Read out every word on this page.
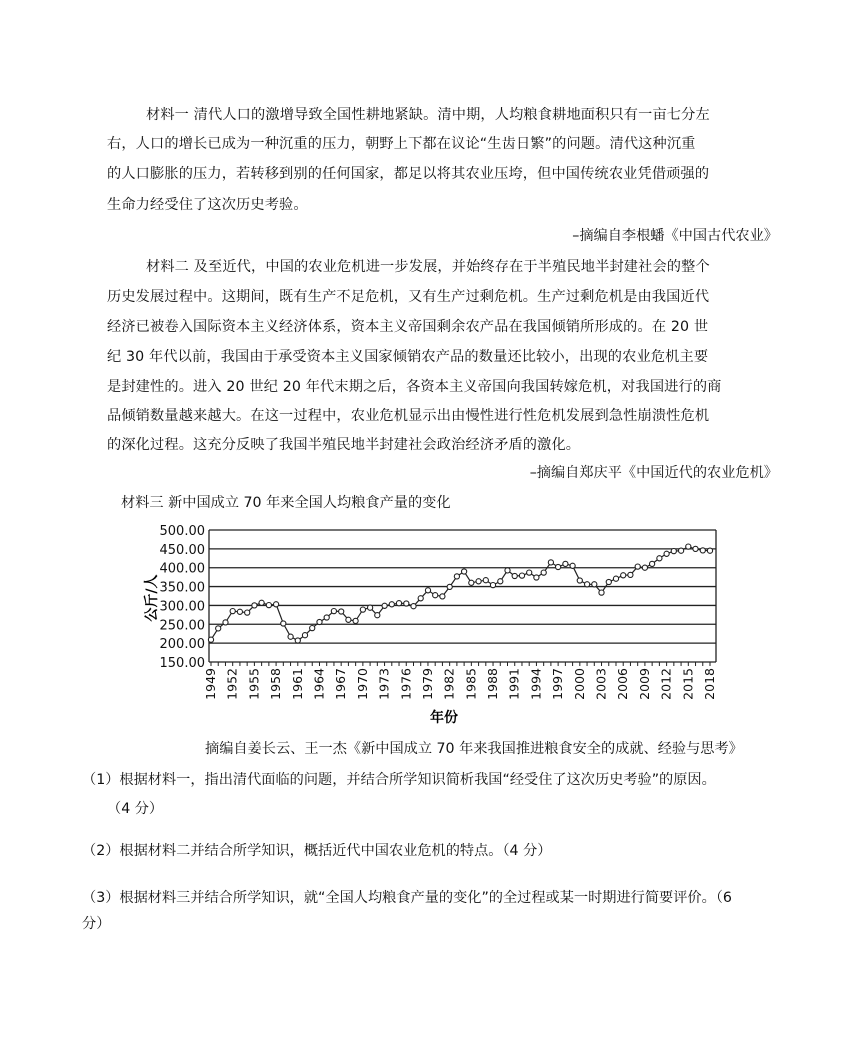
材料一 清代人口的激增导致全国性耕地紧缺。清中期，人均粮食耕地面积只有一亩七分左
右，人口的增长已成为一种沉重的压力，朝野上下都在议论“生齿日繁”的问题。清代这种沉重
的人口膨胀的压力，若转移到别的任何国家，都足以将其农业压垮，但中国传统农业凭借顽强的
生命力经受住了这次历史考验。
–摘编自李根蟠《中国古代农业》
材料二 及至近代，中国的农业危机进一步发展，并始终存在于半殖民地半封建社会的整个
历史发展过程中。这期间，既有生产不足危机，又有生产过剩危机。生产过剩危机是由我国近代
经济已被卷入国际资本主义经济体系，资本主义帝国剩余农产品在我国倾销所形成的。在 20 世
纪 30 年代以前，我国由于承受资本主义国家倾销农产品的数量还比较小，出现的农业危机主要
是封建性的。进入 20 世纪 20 年代末期之后，各资本主义帝国向我国转嫁危机，对我国进行的商
品倾销数量越来越大。在这一过程中，农业危机显示出由慢性进行性危机发展到急性崩溃性危机
的深化过程。这充分反映了我国半殖民地半封建社会政治经济矛盾的激化。
–摘编自郑庆平《中国近代的农业危机》
材料三 新中国成立 70 年来全国人均粮食产量的变化
500.00
450.00
400.00
350.00
300.00
250.00
200.00
150.00
1949 1952 1955 1958 1961 1964 1967 1970 1973 1976 1979 1982 1985 1988 1991 1994 1997 2000 2003 2006 2009 2012 2015 2018
公斤/人
年份
摘编自姜长云、王一杰《新中国成立 70 年来我国推进粮食安全的成就、经验与思考》
（1）根据材料一，指出清代面临的问题，并结合所学知识简析我国“经受住了这次历史考验”的原因。
（4 分）
（2）根据材料二并结合所学知识，概括近代中国农业危机的特点。（4 分）
（3）根据材料三并结合所学知识，就“全国人均粮食产量的变化”的全过程或某一时期进行简要评价。（6
分）
